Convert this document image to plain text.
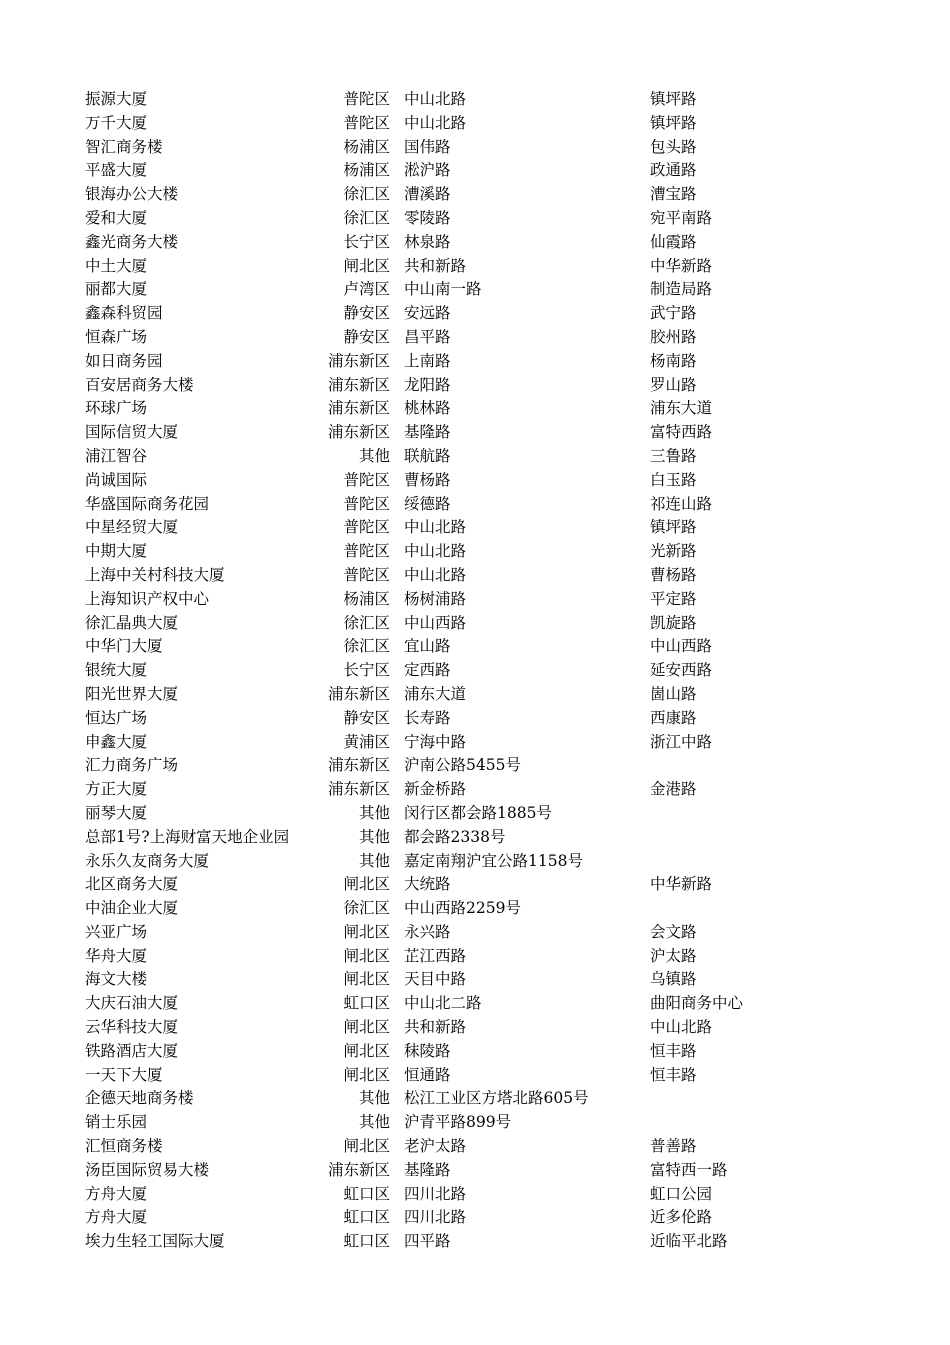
振源大厦	普陀区 中山北路	镇坪路
万千大厦	普陀区 中山北路	镇坪路
智汇商务楼	杨浦区 国伟路	包头路
平盛大厦	杨浦区 淞沪路	政通路
银海办公大楼	徐汇区 漕溪路	漕宝路
爱和大厦	徐汇区 零陵路	宛平南路
鑫光商务大楼	长宁区 林泉路	仙霞路
中土大厦	闸北区 共和新路	中华新路
丽都大厦	卢湾区 中山南一路	制造局路
鑫森科贸园	静安区 安远路	武宁路
恒森广场	静安区 昌平路	胶州路
如日商务园	浦东新区 上南路	杨南路
百安居商务大楼	浦东新区 龙阳路	罗山路
环球广场	浦东新区 桃林路	浦东大道
国际信贸大厦	浦东新区 基隆路	富特西路
浦江智谷	其他 联航路	三鲁路
尚诚国际	普陀区 曹杨路	白玉路
华盛国际商务花园	普陀区 绥德路	祁连山路
中星经贸大厦	普陀区 中山北路	镇坪路
中期大厦	普陀区 中山北路	光新路
上海中关村科技大厦	普陀区 中山北路	曹杨路
上海知识产权中心	杨浦区 杨树浦路	平定路
徐汇晶典大厦	徐汇区 中山西路	凯旋路
中华门大厦	徐汇区 宜山路	中山西路
银统大厦	长宁区 定西路	延安西路
阳光世界大厦	浦东新区 浦东大道	崮山路
恒达广场	静安区 长寿路	西康路
申鑫大厦	黄浦区 宁海中路	浙江中路
汇力商务广场	浦东新区 沪南公路5455号
方正大厦	浦东新区 新金桥路	金港路
丽琴大厦	其他 闵行区都会路1885号
总部1号?上海财富天地企业园	其他 都会路2338号
永乐久友商务大厦	其他 嘉定南翔沪宜公路1158号
北区商务大厦	闸北区 大统路	中华新路
中油企业大厦	徐汇区 中山西路2259号
兴亚广场	闸北区 永兴路	会文路
华舟大厦	闸北区 芷江西路	沪太路
海文大楼	闸北区 天目中路	乌镇路
大庆石油大厦	虹口区 中山北二路	曲阳商务中心
云华科技大厦	闸北区 共和新路	中山北路
铁路酒店大厦	闸北区 秣陵路	恒丰路
一天下大厦	闸北区 恒通路	恒丰路
企德天地商务楼	其他 松江工业区方塔北路605号
销士乐园	其他 沪青平路899号
汇恒商务楼	闸北区 老沪太路	普善路
汤臣国际贸易大楼	浦东新区 基隆路	富特西一路
方舟大厦	虹口区 四川北路	虹口公园
方舟大厦	虹口区 四川北路	近多伦路
埃力生轻工国际大厦	虹口区 四平路	近临平北路
